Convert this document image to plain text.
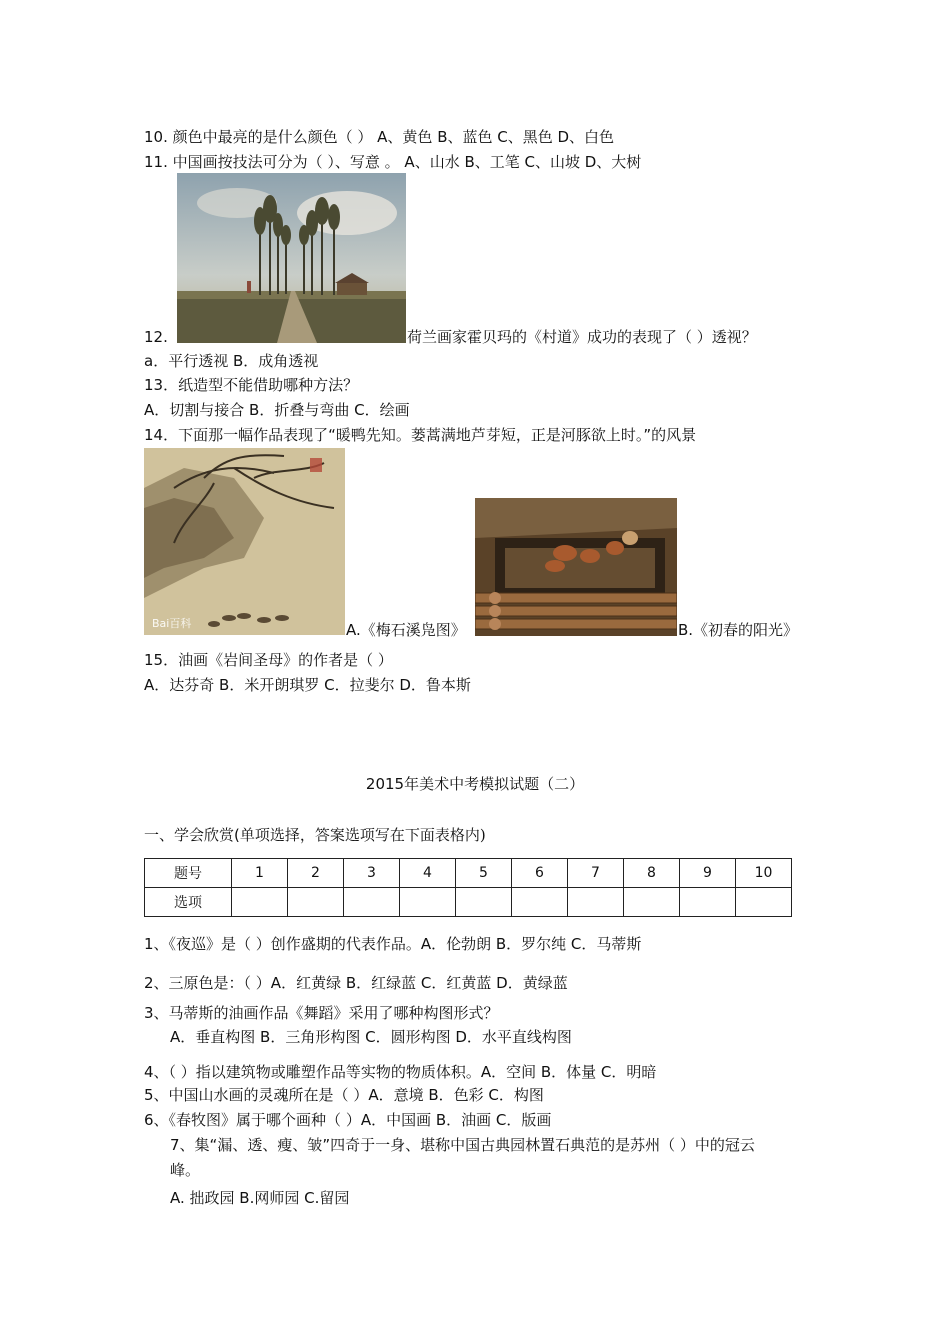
10. 颜色中最亮的是什么颜色（ ） A、黄色 B、蓝色 C、黑色 D、白色
11. 中国画按技法可分为（ ）、写意 。 A、山水 B、工笔 C、山坡 D、大树
12.	荷兰画家霍贝玛的《村道》成功的表现了（ ）透视？
a．平行透视 B．成角透视
13．纸造型不能借助哪种方法？
A．切割与接合 B．折叠与弯曲 C．绘画
14．下面那一幅作品表现了“暖鸭先知。蒌蒿满地芦芽短，正是河豚欲上时。”的风景
Bai百科	A.《梅石溪凫图》	B.《初春的阳光》
15．油画《岩间圣母》的作者是（ ）
A．达芬奇 B．米开朗琪罗 C．拉斐尔 D．鲁本斯
2015年美术中考模拟试题（二）
一、学会欣赏(单项选择，答案选项写在下面表格内)
题号	1	2	3	4	5	6	7	8	9	10
选项										
1、《夜巡》是（ ）创作盛期的代表作品。A．伦勃朗 B．罗尔纯 C．马蒂斯
2、三原色是：（ ）A．红黄绿 B．红绿蓝 C．红黄蓝 D．黄绿蓝
3、马蒂斯的油画作品《舞蹈》采用了哪种构图形式？
A．垂直构图 B．三角形构图 C．圆形构图 D．水平直线构图
4、（ ）指以建筑物或雕塑作品等实物的物质体积。A．空间 B．体量 C．明暗
5、中国山水画的灵魂所在是（ ）A．意境 B．色彩 C．构图
6、《春牧图》属于哪个画种（ ）A．中国画 B．油画 C．版画
7、集“漏、透、瘦、皱”四奇于一身、堪称中国古典园林置石典范的是苏州（ ）中的冠云
峰。
A. 拙政园 B.网师园 C.留园
